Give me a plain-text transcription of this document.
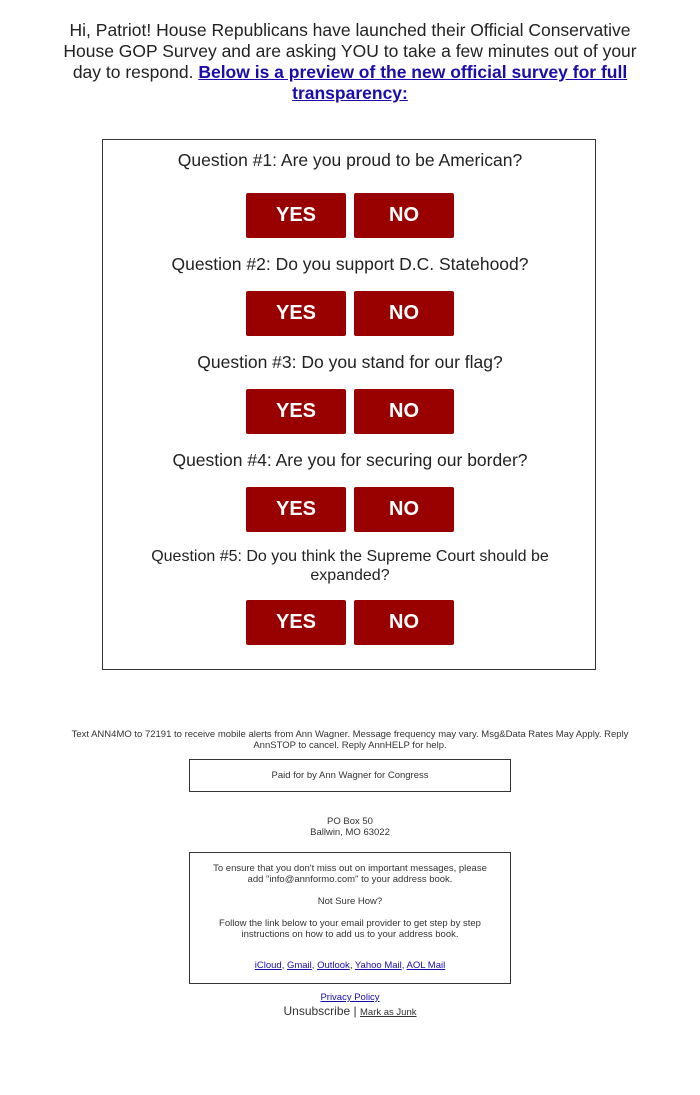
Hi, Patriot! House Republicans have launched their Official Conservative House GOP Survey and are asking YOU to take a few minutes out of your day to respond. Below is a preview of the new official survey for full transparency:
Question #1: Are you proud to be American?
YES	NO
Question #2: Do you support D.C. Statehood?
YES	NO
Question #3: Do you stand for our flag?
YES	NO
Question #4: Are you for securing our border?
YES	NO
Question #5: Do you think the Supreme Court should be expanded?
YES	NO
Text ANN4MO to 72191 to receive mobile alerts from Ann Wagner. Message frequency may vary. Msg&Data Rates May Apply. Reply AnnSTOP to cancel. Reply AnnHELP for help.
Paid for by Ann Wagner for Congress
PO Box 50
Ballwin, MO 63022

To ensure that you don't miss out on important messages, please add "info@annformo.com" to your address book.

Not Sure How?

Follow the link below to your email provider to get step by step instructions on how to add us to your address book.

iCloud, Gmail, Outlook, Yahoo Mail, AOL Mail

Privacy Policy
Unsubscribe | Mark as Junk
